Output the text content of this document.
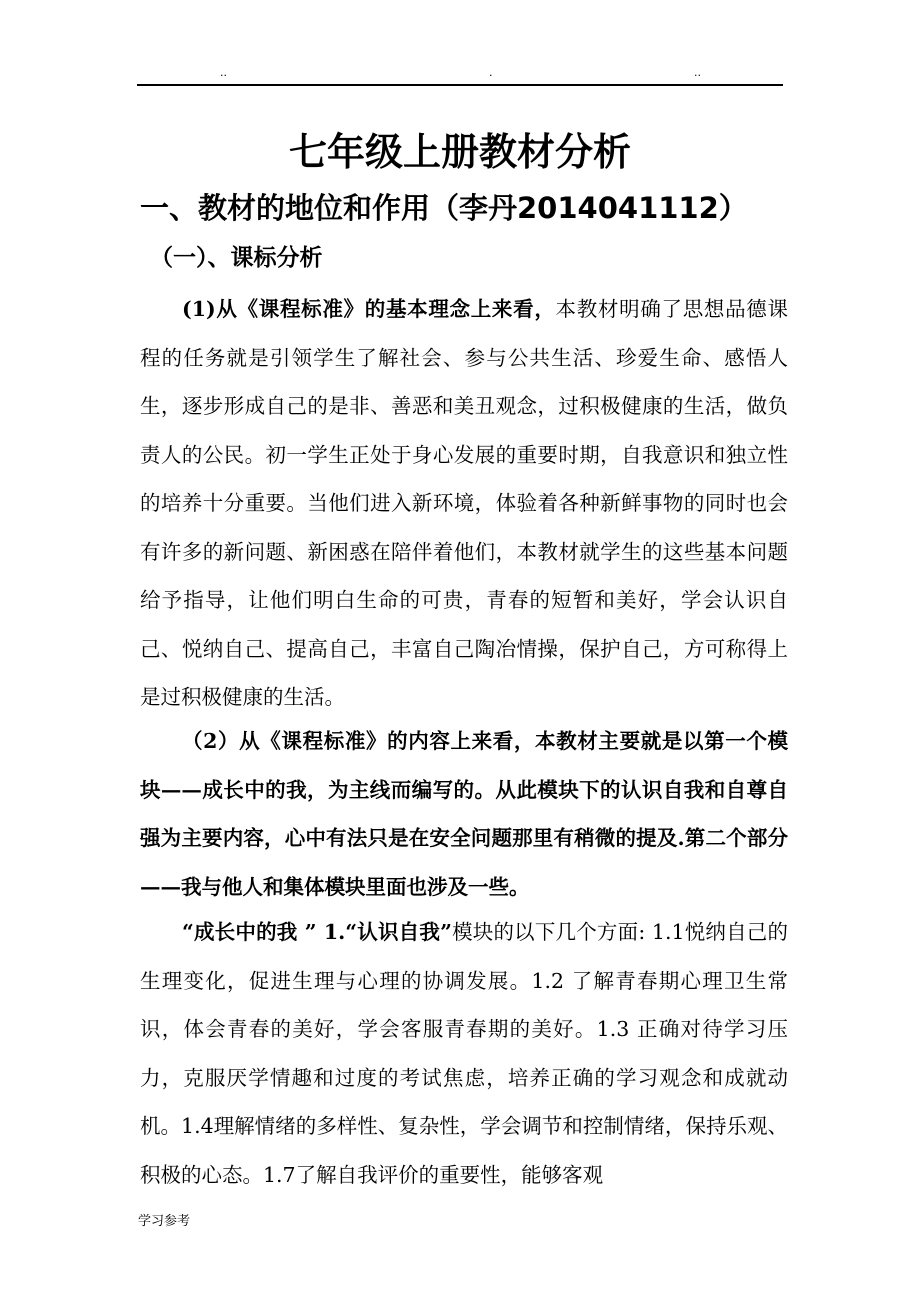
..	.	..
七年级上册教材分析
一、教材的地位和作用（李丹2014041112）
（一）、课标分析

(1)从《课程标准》的基本理念上来看，本教材明确了思想品德课程的任务就是引领学生了解社会、参与公共生活、珍爱生命、感悟人生，逐步形成自己的是非、善恶和美丑观念，过积极健康的生活，做负责人的公民。初一学生正处于身心发展的重要时期，自我意识和独立性的培养十分重要。当他们进入新环境，体验着各种新鲜事物的同时也会有许多的新问题、新困惑在陪伴着他们，本教材就学生的这些基本问题给予指导，让他们明白生命的可贵，青春的短暂和美好，学会认识自己、悦纳自己、提高自己，丰富自己陶冶情操，保护自己，方可称得上是过积极健康的生活。

（2）从《课程标准》的内容上来看，本教材主要就是以第一个模块——成长中的我，为主线而编写的。从此模块下的认识自我和自尊自强为主要内容，心中有法只是在安全问题那里有稍微的提及.第二个部分——我与他人和集体模块里面也涉及一些。

“成长中的我 ” 1.“认识自我”模块的以下几个方面: 1.1悦纳自己的生理变化，促进生理与心理的协调发展。1.2 了解青春期心理卫生常识，体会青春的美好，学会客服青春期的美好。1.3 正确对待学习压力，克服厌学情趣和过度的考试焦虑，培养正确的学习观念和成就动机。1.4理解情绪的多样性、复杂性，学会调节和控制情绪，保持乐观、积极的心态。1.7了解自我评价的重要性，能够客观

学习参考
